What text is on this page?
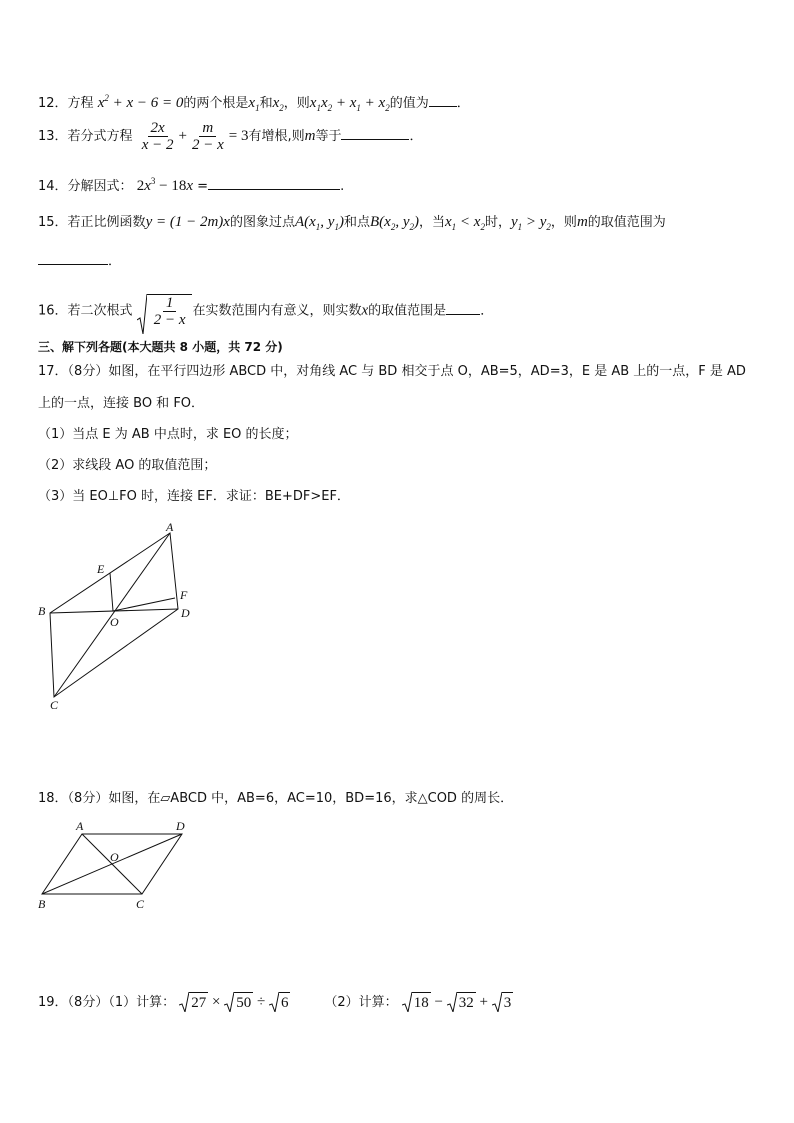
12．方程 $x^2 + x - 6 = 0$的两个根是$x_1$和$x_2$，则$x_1x_2 + x_1 + x_2$的值为 ．
13．若分式方程 $\frac{2x}{x - 2} + \frac{m}{2 - x} = 3$有增根,则m等于	．
14．分解因式： $2x^3 - 18x$ =	.
15．若正比例函数y = (1 − 2m)x的图象过点$A(x_1$, $y_1$)和点$B(x_2$, $y_2$)，当$x_1 < x_2$时，$y_1 > y_2$，则m的取值范围为
．
16．若二次根式 $\frac{1}{2 - x}$ 在实数范围内有意义，则实数x的取值范围是	．
三、解下列各题(本大题共 8 小题，共 72 分)
17．（8分）如图，在平行四边形 ABCD 中，对角线 AC 与 BD 相交于点 O，AB=5，AD=3，E 是 AB 上的一点，F 是 AD
上的一点，连接 BO 和 FO．
（1）当点 E 为 AB 中点时，求 EO 的长度；
（2）求线段 AO 的取值范围；
（3）当 EO⊥FO 时，连接 EF．求证：BE+DF>EF．
A
B
C
D
E
F
O
18．（8分）如图，在▱ABCD 中，AB=6，AC=10，BD=16，求△COD 的周长．
A	D
B	C
O
19．（8分）（1）计算： 27 ×
50 ÷
6	（2）计算： 18 −
32 +
3
